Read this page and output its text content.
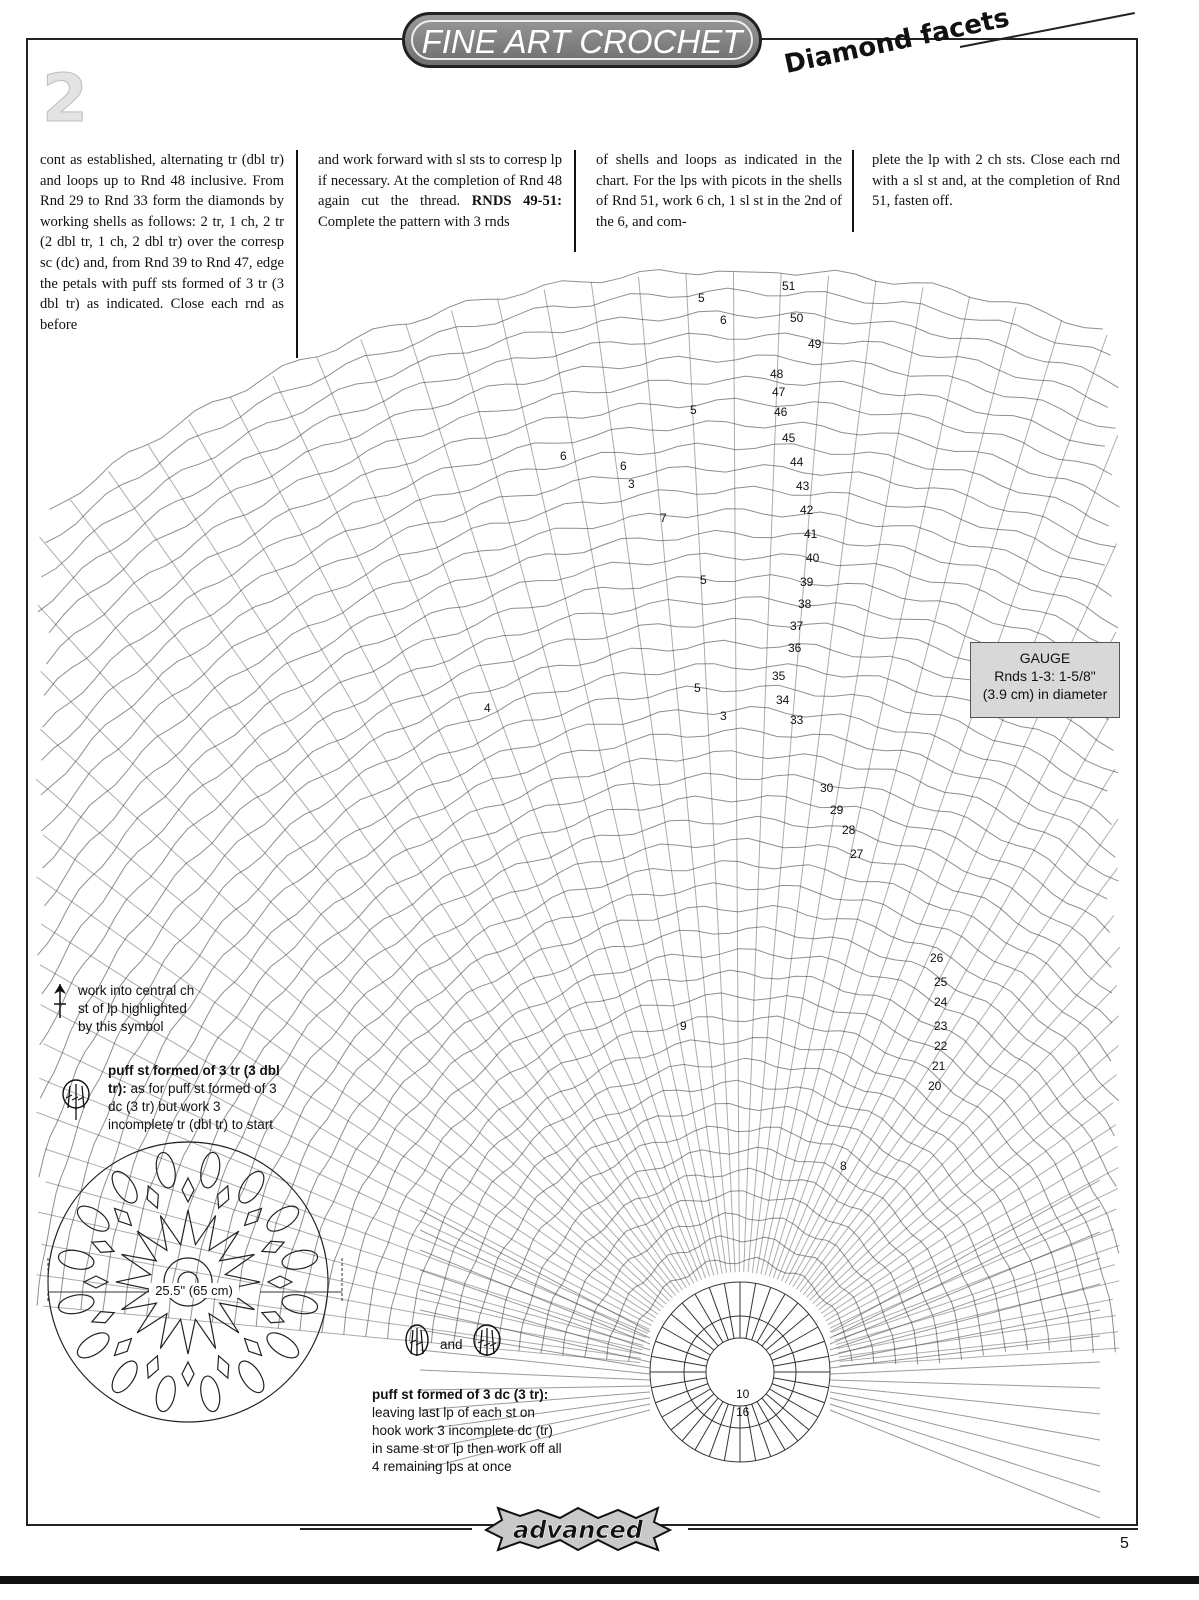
FINE ART CROCHET	Diamond facets
2
cont as established, alternating tr (dbl tr) and loops up to Rnd 48 inclusive. From Rnd 29 to Rnd 33 form the diamonds by working shells as follows: 2 tr, 1 ch, 2 tr (2 dbl tr, 1 ch, 2 dbl tr) over the corresp sc (dc) and, from Rnd 39 to Rnd 47, edge the petals with puff sts formed of 3 tr (3 dbl tr) as indicated. Close each rnd as before
and work forward with sl sts to corresp lp if necessary. At the completion of Rnd 48 again cut the thread. RNDS 49-51: Complete the pattern with 3 rnds
of shells and loops as indicated in the chart. For the lps with picots in the shells of Rnd 51, work 6 ch, 1 sl st in the 2nd of the 6, and com-
plete the lp with 2 ch sts. Close each rnd with a sl st and, at the completion of Rnd 51, fasten off.
51
50
49
48
47
46
45
44
43
42
41
40
39
38
37
36
35
34
33
30
29
28
27
26
25
24
23
22
21
20
6
5
3
4
6
5
7
9
8
10
16
6
5
5
3
GAUGE
Rnds 1-3: 1-5/8"
(3.9 cm) in diameter
work into central ch
st of lp highlighted
by this symbol
puff st formed of 3 tr (3 dbl tr): as for puff st formed of 3 dc (3 tr) but work 3 incomplete tr (dbl tr) to start
and
puff st formed of 3 dc (3 tr): leaving last lp of each st on hook work 3 incomplete dc (tr) in same st or lp then work off all 4 remaining lps at once
25.5" (65 cm)
advanced	5
